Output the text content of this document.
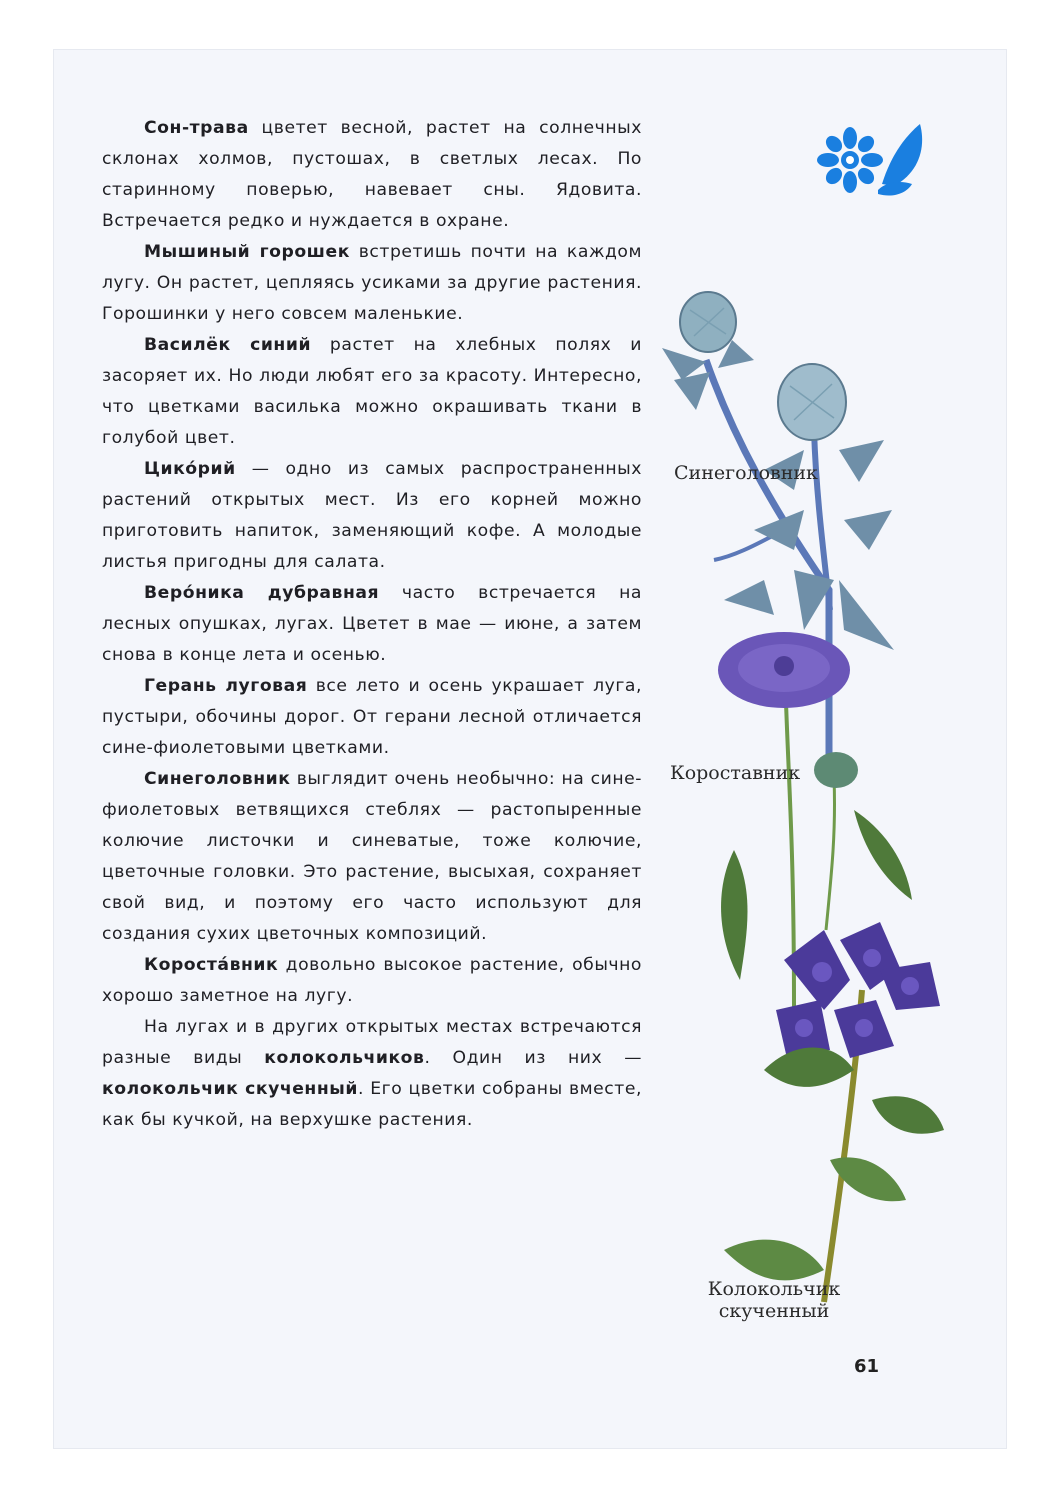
Сон-трава цветет весной, растет на солнечных склонах холмов, пустошах, в светлых лесах. По старинному поверью, навевает сны. Ядовита. Встречается редко и нуждается в охране.

Мышиный горошек встретишь почти на каждом лугу. Он растет, цепляясь усиками за другие растения. Горошинки у него совсем маленькие.

Василёк синий растет на хлебных полях и засоряет их. Но люди любят его за красоту. Интересно, что цветками василька можно окрашивать ткани в голубой цвет.

Цико́рий — одно из самых распространенных растений открытых мест. Из его корней можно приготовить напиток, заменяющий кофе. А молодые листья пригодны для салата.

Веро́ника дубравная часто встречается на лесных опушках, лугах. Цветет в мае — июне, а затем снова в конце лета и осенью.

Герань луговая все лето и осень украшает луга, пустыри, обочины дорог. От герани лесной отличается сине-фиолетовыми цветками.

Синеголовник выглядит очень необычно: на сине-фиолетовых ветвящихся стеблях — растопыренные колючие листочки и синеватые, тоже колючие, цветочные головки. Это растение, высыхая, сохраняет свой вид, и поэтому его часто используют для создания сухих цветочных композиций.

Коростáвник довольно высокое растение, обычно хорошо заметное на лугу.

На лугах и в других открытых местах встречаются разные виды колокольчиков. Один из них — колокольчик скученный. Его цветки собраны вместе, как бы кучкой, на верхушке растения.

Синеголовник
Коростaвник
Колокольчик
скученный
61
